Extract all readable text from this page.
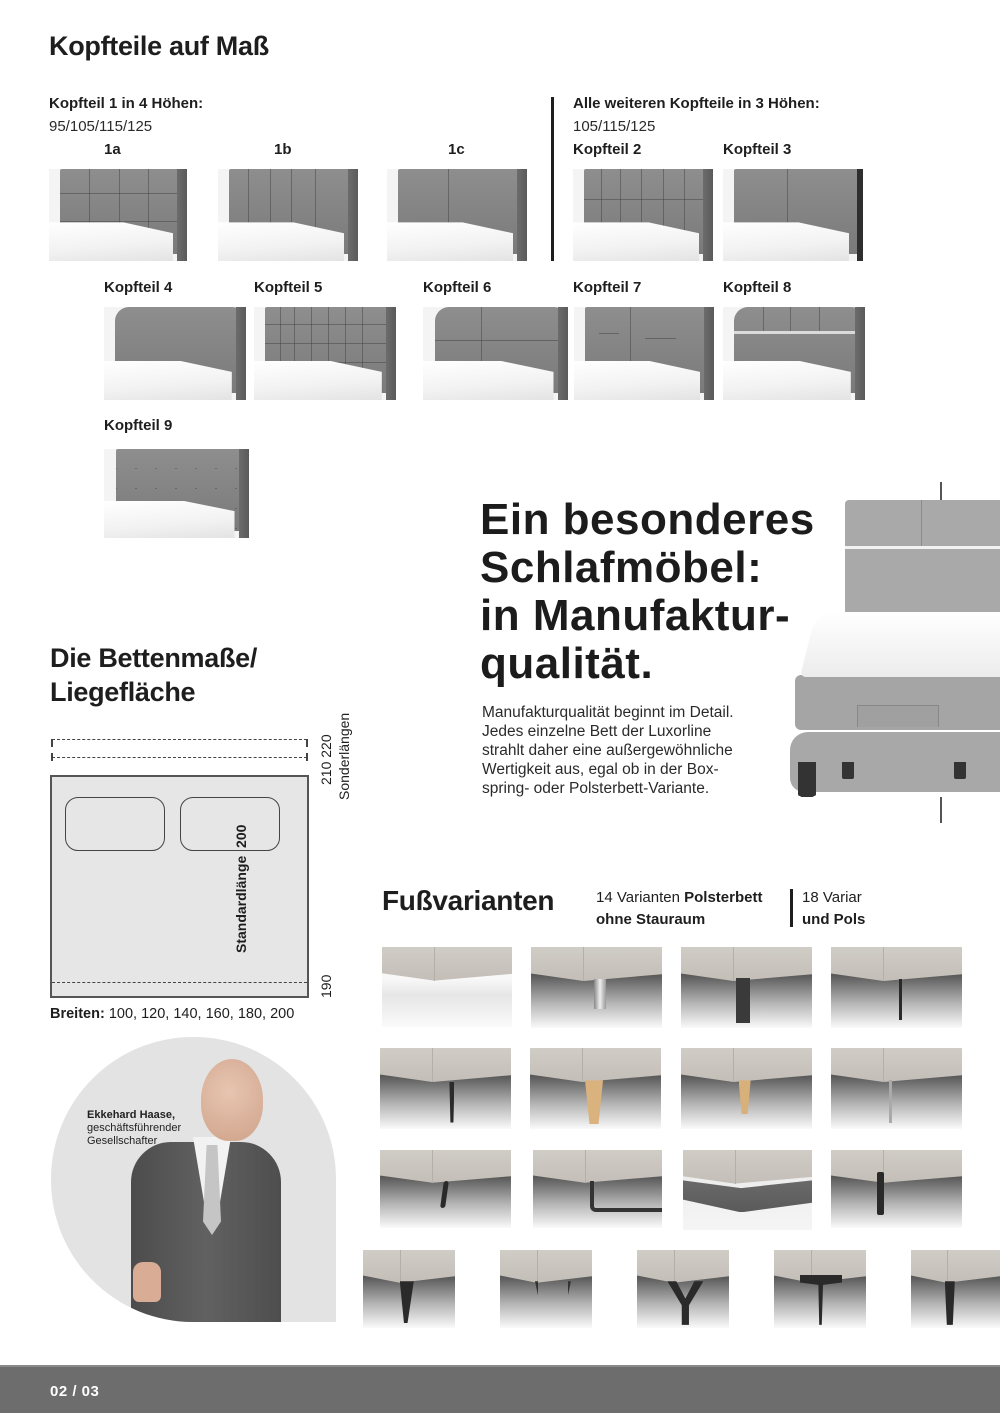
Kopfteile auf Maß
Kopfteil 1 in 4 Höhen:
95/105/115/125
Alle weiteren Kopfteile in 3 Höhen:
105/115/125
1a	1b	1c	Kopfteil 2	Kopfteil 3
Kopfteil 4	Kopfteil 5	Kopfteil 6	Kopfteil 7	Kopfteil 8
Kopfteil 9
Ein besonderes
Schlafmöbel:
in Manufaktur-
qualität.
Manufakturqualität beginnt im Detail.
Jedes einzelne Bett der Luxorline
strahlt daher eine außergewöhnliche
Wertigkeit aus, egal ob in der Box-
spring- oder Polsterbett-Variante.
Die Bettenmaße/
Liegefläche
Standardlänge  200
210 220 Sonderlängen
190
Breiten: 100, 120, 140, 160, 180, 200
Ekkehard Haase,
geschäftsführender
Gesellschafter
Fußvarianten	14 Varianten Polsterbett
ohne Stauraum
18 Variar
und Pols
02 / 03
